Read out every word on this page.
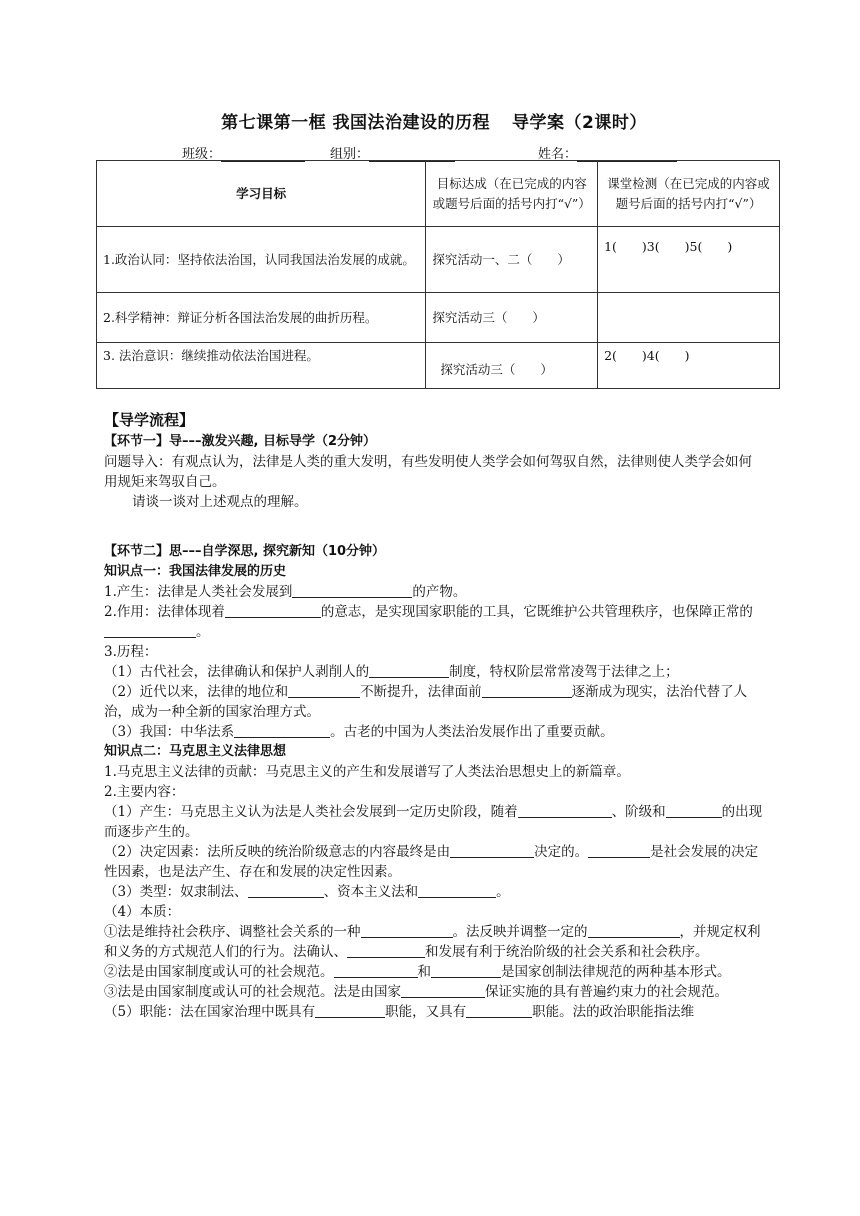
第七课第一框 我国法治建设的历程 导学案（2课时）
班级：	组别：	姓名：
学习目标	目标达成（在已完成的内容或题号后面的括号内打“√”）	课堂检测（在已完成的内容或题号后面的括号内打“√”）
1.政治认同：坚持依法治国，认同我国法治发展的成就。	探究活动一、二（　　）	1(　　)3(　　)5(　　)
2.科学精神：辩证分析各国法治发展的曲折历程。	探究活动三（　　）	
3. 法治意识：继续推动依法治国进程。	探究活动三（　　）	2(　　)4(　　)

【导学流程】

【环节一】导–––激发兴趣, 目标导学（2分钟）

问题导入：有观点认为，法律是人类的重大发明，有些发明使人类学会如何驾驭自然，法律则使人类学会如何用规矩来驾驭自己。

请谈一谈对上述观点的理解。

【环节二】思–––自学深思, 探究新知（10分钟）

知识点一：我国法律发展的历史

1.产生：法律是人类社会发展到	的产物。

2.作用：法律体现着	的意志，是实现国家职能的工具，它既维护公共管理秩序，也保障正常的。

3.历程：

（1）古代社会，法律确认和保护人剥削人的	制度，特权阶层常常凌驾于法律之上；

（2）近代以来，法律的地位和	不断提升，法律面前	逐渐成为现实，法治代替了人治，成为一种全新的国家治理方式。

（3）我国：中华法系	。古老的中国为人类法治发展作出了重要贡献。

知识点二：马克思主义法律思想

1.马克思主义法律的贡献：马克思主义的产生和发展谱写了人类法治思想史上的新篇章。

2.主要内容：

（1）产生：马克思主义认为法是人类社会发展到一定历史阶段，随着	、阶级和	的出现而逐步产生的。

（2）决定因素：法所反映的统治阶级意志的内容最终是由	决定的。	是社会发展的决定性因素，也是法产生、存在和发展的决定性因素。

（3）类型：奴隶制法、	、资本主义法和	。

（4）本质：

①法是维持社会秩序、调整社会关系的一种	。法反映并调整一定的	，并规定权利和义务的方式规范人们的行为。法确认、	和发展有利于统治阶级的社会关系和社会秩序。

②法是由国家制度或认可的社会规范。	和	是国家创制法律规范的两种基本形式。

③法是由国家制度或认可的社会规范。法是由国家	保证实施的具有普遍约束力的社会规范。

（5）职能：法在国家治理中既具有	职能，又具有	职能。法的政治职能指法维
